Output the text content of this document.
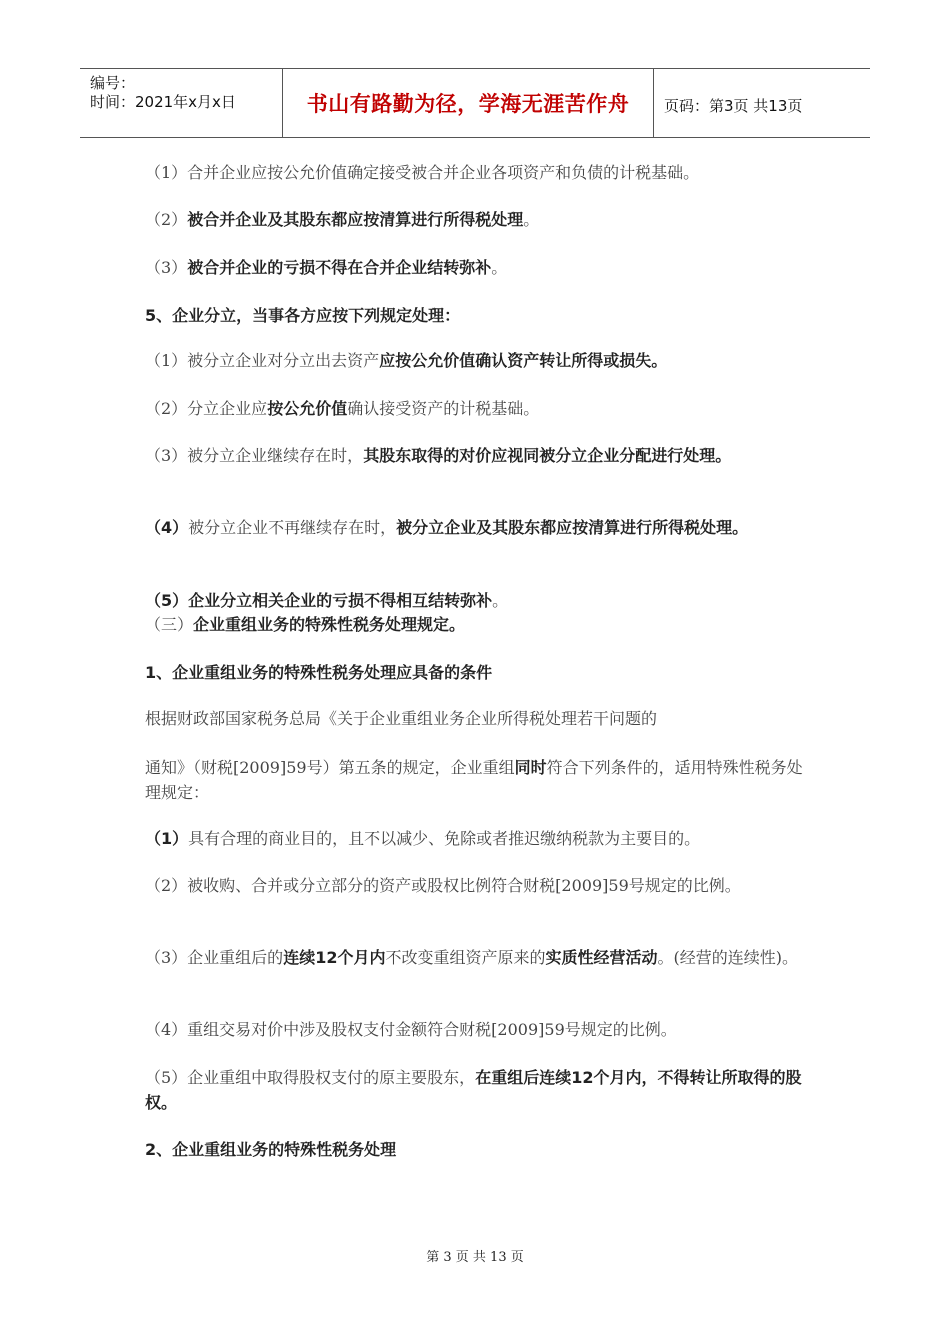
编号：
时间：2021年x月x日	书山有路勤为径，学海无涯苦作舟	页码：第3页 共13页
（1）合并企业应按公允价值确定接受被合并企业各项资产和负债的计税基础。
（2）被合并企业及其股东都应按清算进行所得税处理。
（3）被合并企业的亏损不得在合并企业结转弥补。
5、企业分立，当事各方应按下列规定处理：
（1）被分立企业对分立出去资产应按公允价值确认资产转让所得或损失。
（2）分立企业应按公允价值确认接受资产的计税基础。
（3）被分立企业继续存在时，其股东取得的对价应视同被分立企业分配进行处理。
（4）被分立企业不再继续存在时，被分立企业及其股东都应按清算进行所得税处理。
（5）企业分立相关企业的亏损不得相互结转弥补。
（三）企业重组业务的特殊性税务处理规定。
1、企业重组业务的特殊性税务处理应具备的条件
根据财政部国家税务总局《关于企业重组业务企业所得税处理若干问题的
通知》（财税[2009]59号）第五条的规定，企业重组同时符合下列条件的，适用特殊性税务处理规定：
（1）具有合理的商业目的，且不以减少、免除或者推迟缴纳税款为主要目的。
（2）被收购、合并或分立部分的资产或股权比例符合财税[2009]59号规定的比例。
（3）企业重组后的连续12个月内不改变重组资产原来的实质性经营活动。(经营的连续性)。
（4）重组交易对价中涉及股权支付金额符合财税[2009]59号规定的比例。
（5）企业重组中取得股权支付的原主要股东，在重组后连续12个月内，不得转让所取得的股权。
2、企业重组业务的特殊性税务处理
第 3 页 共 13 页
